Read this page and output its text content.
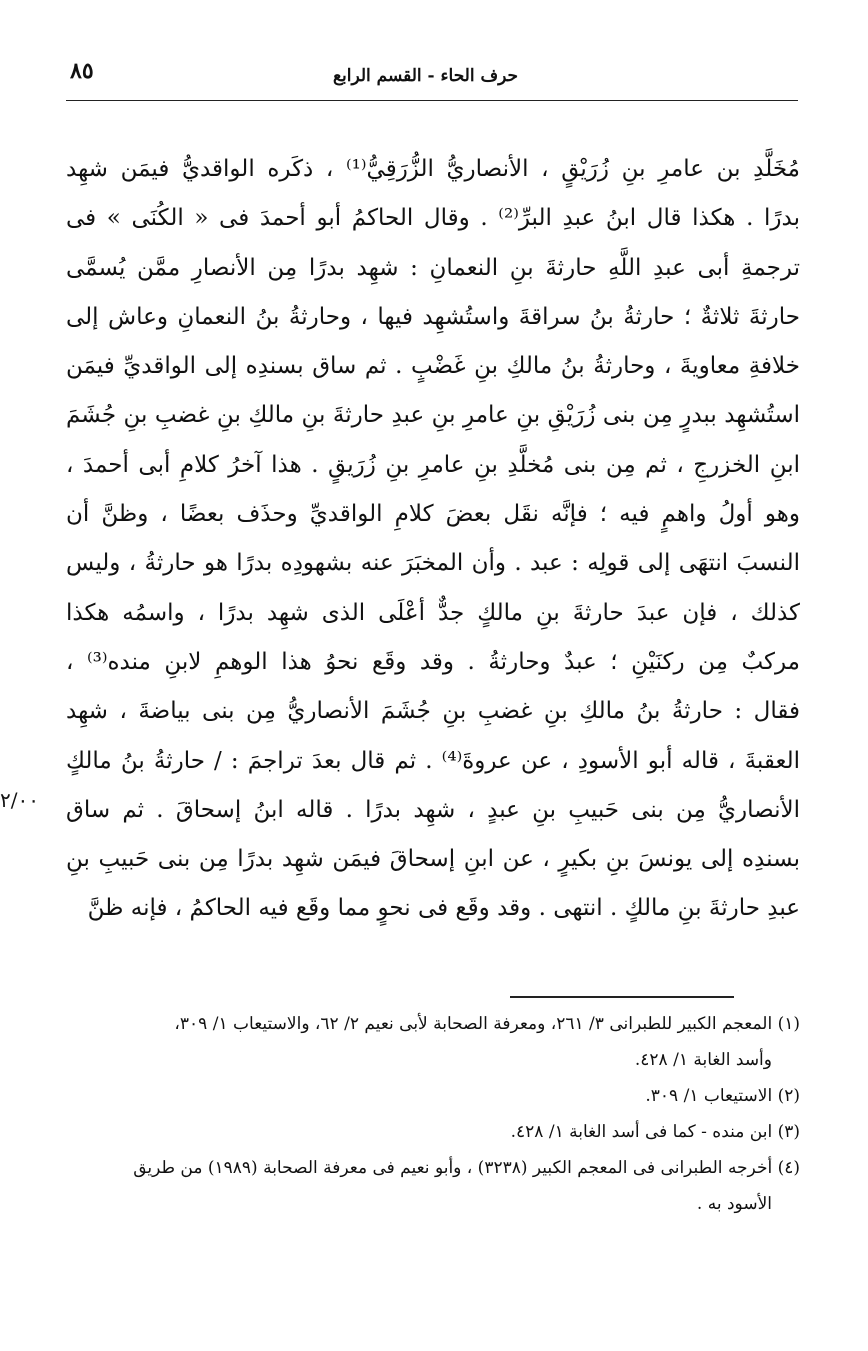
٨٥	حرف الحاء - القسم الرابع
مُخَلَّدِ بن عامرِ بنِ زُرَيْقٍ ، الأنصاريُّ الزُّرَقِيُّ⁽¹⁾ ، ذكَره الواقديُّ فيمَن شهِد
بدرًا . هكذا قال ابنُ عبدِ البرِّ⁽²⁾ . وقال الحاكمُ أبو أحمدَ فى « الكُنَى » فى
ترجمةِ أبى عبدِ اللَّهِ حارثةَ بنِ النعمانِ : شهِد بدرًا مِن الأنصارِ ممَّن يُسمَّى
حارثةَ ثلاثةٌ ؛ حارثةُ بنُ سراقةَ واستُشهِد فيها ، وحارثةُ بنُ النعمانِ وعاش إلى
خلافةِ معاويةَ ، وحارثةُ بنُ مالكِ بنِ غَضْبٍ . ثم ساق بسندِه إلى الواقديِّ فيمَن
استُشهِد ببدرٍ مِن بنى زُرَيْقِ بنِ عامرِ بنِ عبدِ حارثةَ بنِ مالكِ بنِ غضبِ بنِ جُشَمَ
ابنِ الخزرجِ ، ثم مِن بنى مُخلَّدِ بنِ عامرِ بنِ زُرَيقٍ . هذا آخرُ كلامِ أبى أحمدَ ،
وهو أولُ واهمٍ فيه ؛ فإنَّه نقَل بعضَ كلامِ الواقديِّ وحذَف بعضًا ، وظنَّ أن
النسبَ انتهَى إلى قولِه : عبد . وأن المخبَرَ عنه بشهودِه بدرًا هو حارثةُ ، وليس
كذلك ، فإن عبدَ حارثةَ بنِ مالكٍ جدٌّ أعْلَى الذى شهِد بدرًا ، واسمُه هكذا
مركبٌ مِن ركنَيْنِ ؛ عبدٌ وحارثةُ . وقد وقَع نحوُ هذا الوهمِ لابنِ منده⁽³⁾ ،
فقال : حارثةُ بنُ مالكِ بنِ غضبِ بنِ جُشَمَ الأنصاريُّ مِن بنى بياضةَ ، شهِد
العقبةَ ، قاله أبو الأسودِ ، عن عروةَ⁽⁴⁾ . ثم قال بعدَ تراجمَ : / حارثةُ بنُ مالكٍ
الأنصاريُّ مِن بنى حَبيبِ بنِ عبدٍ ، شهِد بدرًا . قاله ابنُ إسحاقَ . ثم ساق
بسندِه إلى يونسَ بنِ بكيرٍ ، عن ابنِ إسحاقَ فيمَن شهِد بدرًا مِن بنى حَبيبِ بنِ
عبدِ حارثةَ بنِ مالكٍ . انتهى . وقد وقَع فى نحوٍ مما وقَع فيه الحاكمُ ، فإنه ظنَّ
٢/٠٠
(١) المعجم الكبير للطبرانى ٣/ ٢٦١، ومعرفة الصحابة لأبى نعيم ٢/ ٦٢، والاستيعاب ١/ ٣٠٩،
وأسد الغابة ١/ ٤٢٨.
(٢) الاستيعاب ١/ ٣٠٩.
(٣) ابن منده - كما فى أسد الغابة ١/ ٤٢٨.
(٤) أخرجه الطبرانى فى المعجم الكبير (٣٢٣٨) ، وأبو نعيم فى معرفة الصحابة (١٩٨٩) من طريق
الأسود به .
